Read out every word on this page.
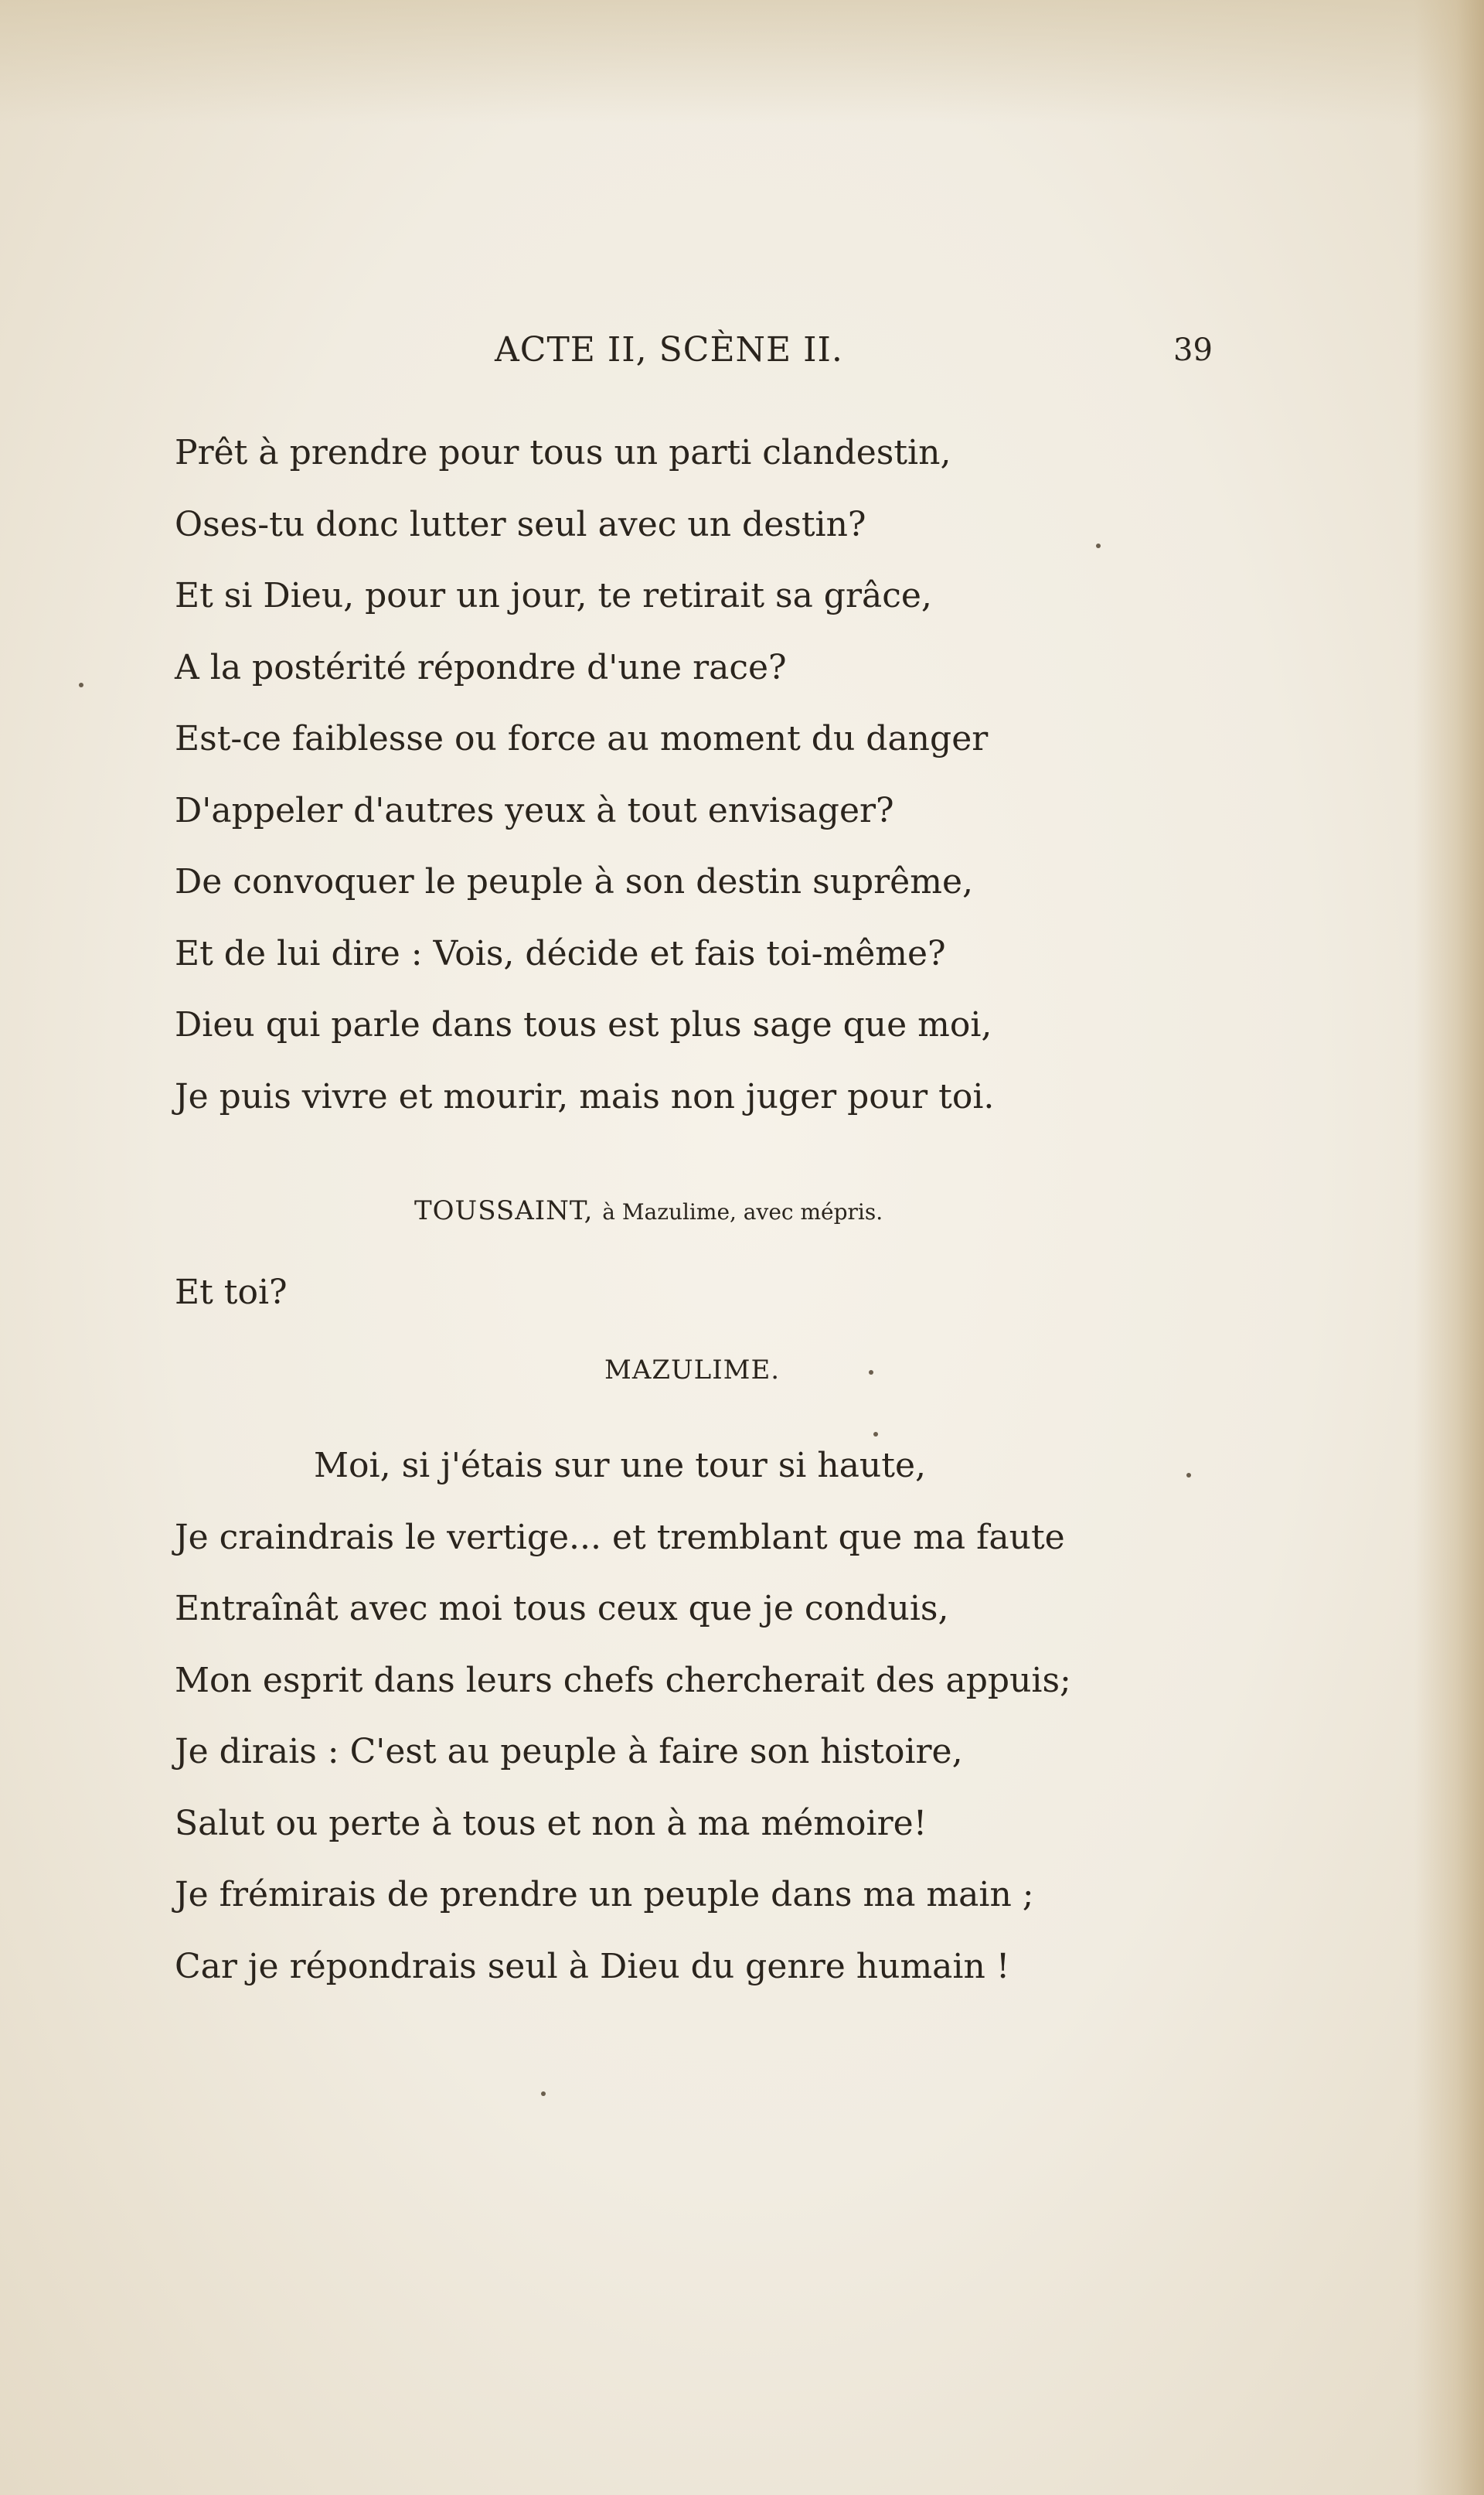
ACTE II, SCÈNE II.	39
Prêt à prendre pour tous un parti clandestin,
Oses-tu donc lutter seul avec un destin?
Et si Dieu, pour un jour, te retirait sa grâce,
A la postérité répondre d'une race?
Est-ce faiblesse ou force au moment du danger
D'appeler d'autres yeux à tout envisager?
De convoquer le peuple à son destin suprême,
Et de lui dire : Vois, décide et fais toi-même?
Dieu qui parle dans tous est plus sage que moi,
Je puis vivre et mourir, mais non juger pour toi.
TOUSSAINT, à Mazulime, avec mépris.
Et toi?
MAZULIME.
Moi, si j'étais sur une tour si haute,
Je craindrais le vertige... et tremblant que ma faute
Entraînât avec moi tous ceux que je conduis,
Mon esprit dans leurs chefs chercherait des appuis;
Je dirais : C'est au peuple à faire son histoire,
Salut ou perte à tous et non à ma mémoire!
Je frémirais de prendre un peuple dans ma main ;
Car je répondrais seul à Dieu du genre humain !
